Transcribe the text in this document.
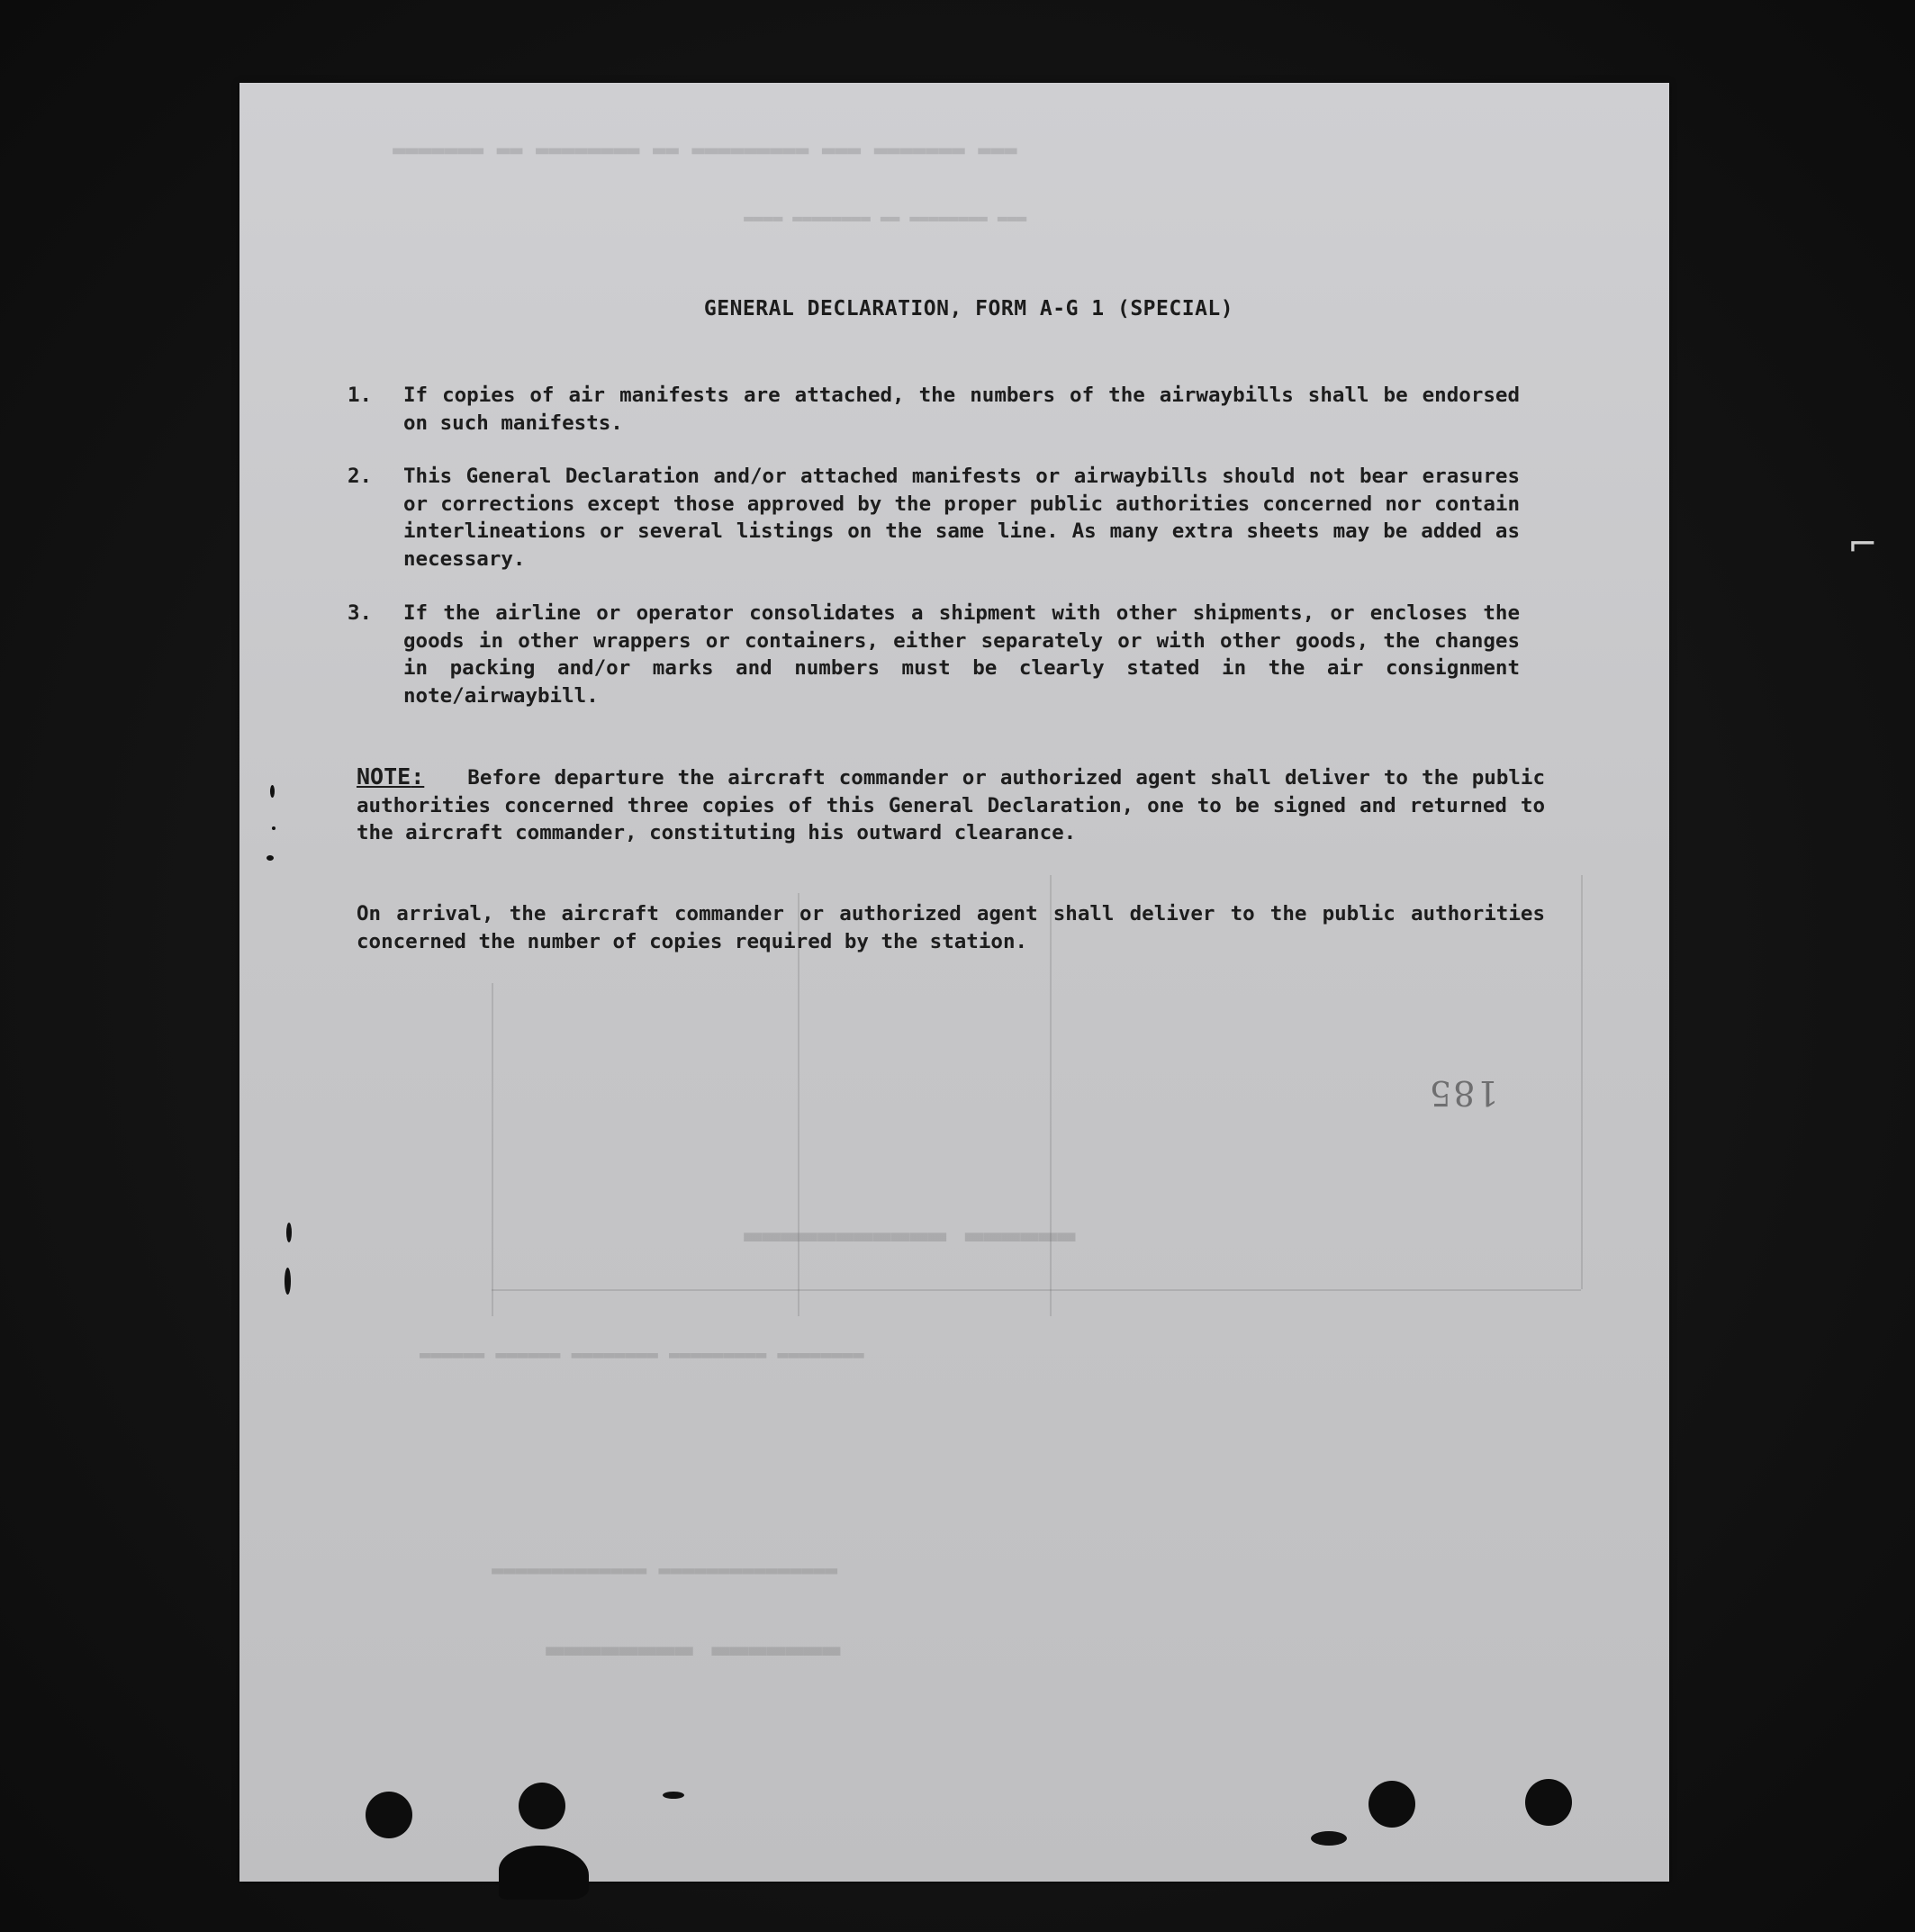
▬▬▬ ▬▬▬▬▬▬▬ ▬▬▬ ▬▬▬▬▬▬▬▬▬ ▬▬ ▬▬▬▬▬▬▬▬ ▬▬ ▬▬▬▬▬▬▬
▬▬▬ ▬▬▬▬▬▬▬▬ ▬▬ ▬▬▬▬▬▬▬▬ ▬▬▬▬
▬▬▬▬▬▬▬▬ ▬▬▬▬▬▬▬▬▬ ▬▬▬▬▬▬▬▬ ▬▬▬▬▬▬ ▬▬▬▬▬▬
▬▬▬▬▬▬▬▬▬▬▬▬▬▬▬ ▬▬▬▬▬▬▬▬▬▬▬▬▬
▬▬▬▬▬▬▬ ▬▬▬▬▬▬▬▬
▬▬▬▬▬▬ ▬▬▬▬▬▬▬▬▬▬▬
GENERAL DECLARATION, FORM A-G 1 (SPECIAL)
1.	If copies of air manifests are attached, the numbers of the airwaybills shall be endorsed on such manifests.
2.	This General Declaration and/or attached manifests or airwaybills should not bear erasures or corrections except those approved by the proper public authorities concerned nor contain interlineations or several listings on the same line. As many extra sheets may be added as necessary.
3.	If the airline or operator consolidates a shipment with other shipments, or encloses the goods in other wrappers or containers, either separately or with other goods, the changes in packing and/or marks and numbers must be clearly stated in the air consignment note/airwaybill.
NOTE: Before departure the aircraft commander or authorized agent shall deliver to the public authorities concerned three copies of this General Declaration, one to be signed and returned to the aircraft commander, constituting his outward clearance.
On arrival, the aircraft commander or authorized agent shall deliver to the public authorities concerned the number of copies required by the station.
185
⌐
